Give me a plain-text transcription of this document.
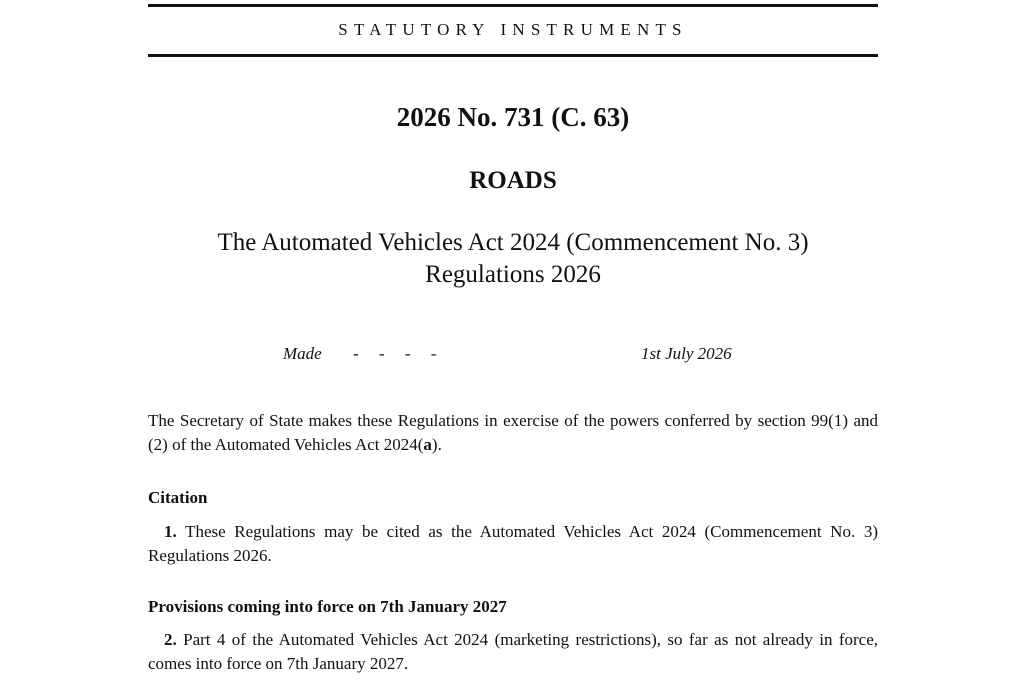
STATUTORY INSTRUMENTS
2026 No. 731 (C. 63)
ROADS
The Automated Vehicles Act 2024 (Commencement No. 3)
Regulations 2026
Made - - - -	1st July 2026
The Secretary of State makes these Regulations in exercise of the powers conferred by section 99(1) and (2) of the Automated Vehicles Act 2024(a).
Citation
1. These Regulations may be cited as the Automated Vehicles Act 2024 (Commencement No. 3) Regulations 2026.
Provisions coming into force on 7th January 2027
2. Part 4 of the Automated Vehicles Act 2024 (marketing restrictions), so far as not already in force, comes into force on 7th January 2027.
